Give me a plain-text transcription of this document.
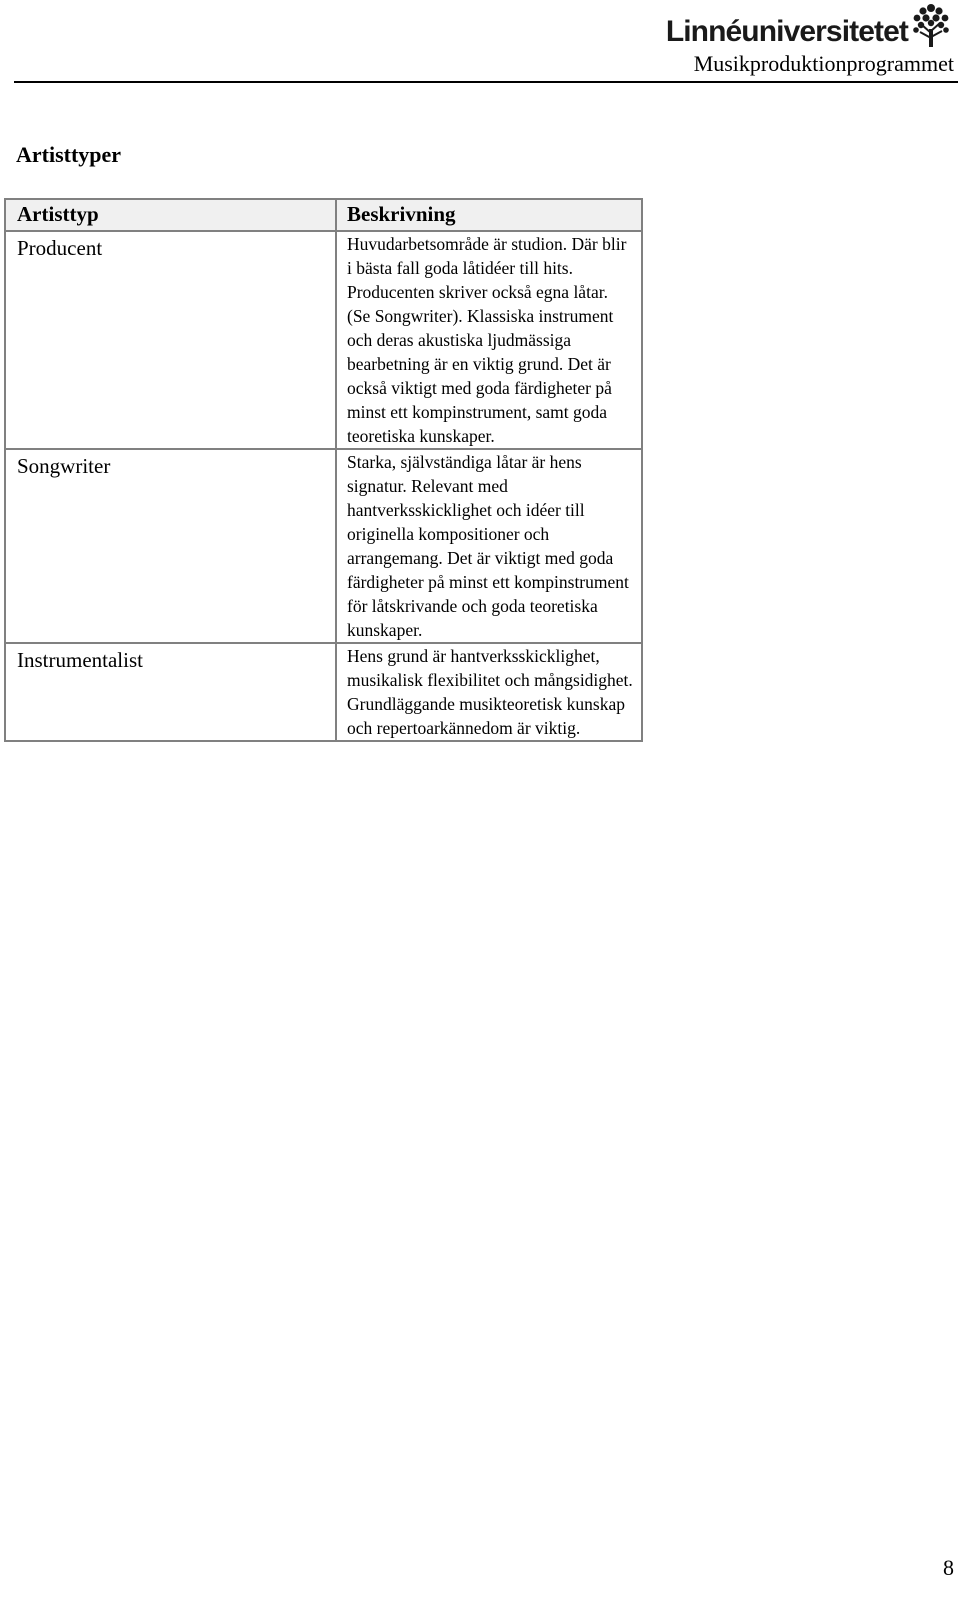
Linnéuniversitetet
Musikproduktionprogrammet
Artisttyper
Artisttyp	Beskrivning
Producent	Huvudarbetsområde är studion. Där blir i bästa fall goda låtidéer till hits. Producenten skriver också egna låtar. (Se Songwriter). Klassiska instrument och deras akustiska ljudmässiga bearbetning är en viktig grund. Det är också viktigt med goda färdigheter på minst ett kompinstrument, samt goda teoretiska kunskaper.
Songwriter	Starka, självständiga låtar är hens signatur. Relevant med hantverksskicklighet och idéer till originella kompositioner och arrangemang. Det är viktigt med goda färdigheter på minst ett kompinstrument för låtskrivande och goda teoretiska kunskaper.
Instrumentalist	Hens grund är hantverksskicklighet, musikalisk flexibilitet och mångsidighet. Grundläggande musikteoretisk kunskap och repertoarkännedom är viktig.
8
